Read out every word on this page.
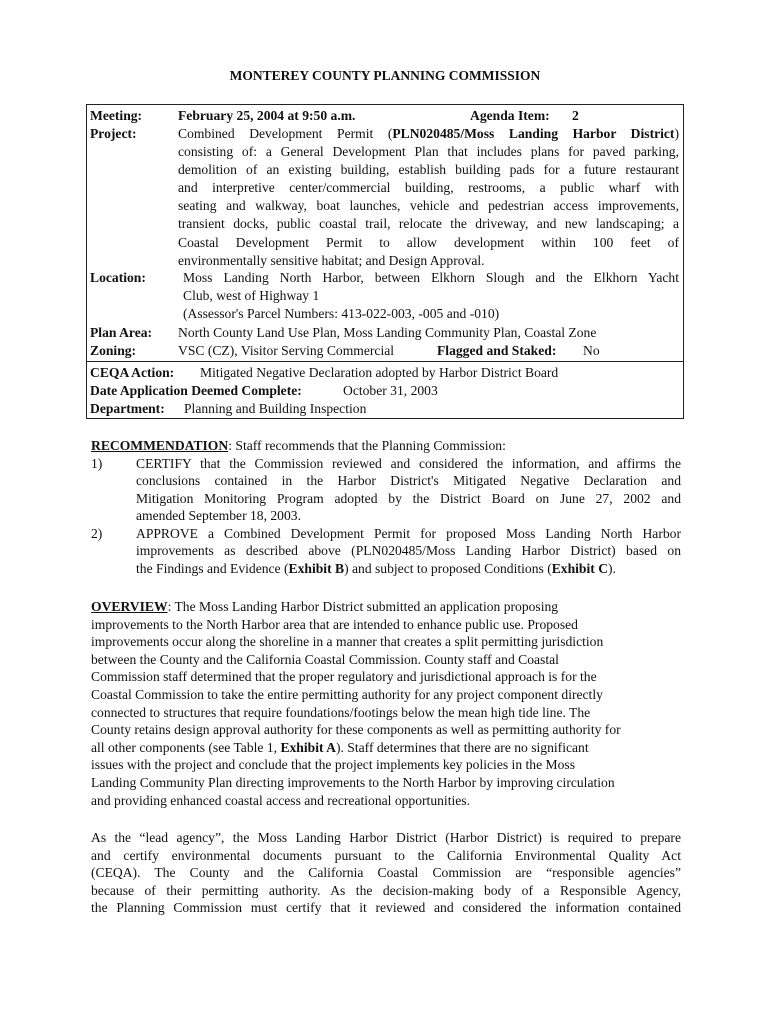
MONTEREY COUNTY PLANNING COMMISSION
Meeting:	February 25, 2004 at 9:50 a.m.	Agenda Item: 2
Project:	Combined Development Permit (PLN020485/Moss Landing Harbor District)
consisting of: a General Development Plan that includes plans for paved parking,
demolition of an existing building, establish building pads for a future restaurant
and interpretive center/commercial building, restrooms, a public wharf with
seating and walkway, boat launches, vehicle and pedestrian access improvements,
transient docks, public coastal trail, relocate the driveway, and new landscaping; a
Coastal Development Permit to allow development within 100 feet of
environmentally sensitive habitat; and Design Approval.
Location:	Moss Landing North Harbor, between Elkhorn Slough and the Elkhorn Yacht
Club, west of Highway 1
(Assessor's Parcel Numbers: 413-022-003, -005 and -010)
Plan Area: North County Land Use Plan, Moss Landing Community Plan, Coastal Zone
Zoning:	VSC (CZ), Visitor Serving Commercial	Flagged and Staked: No
CEQA Action: Mitigated Negative Declaration adopted by Harbor District Board
Date Application Deemed Complete:	October 31, 2003
Department: Planning and Building Inspection
RECOMMENDATION: Staff recommends that the Planning Commission:
1) CERTIFY that the Commission reviewed and considered the information, and affirms the
conclusions contained in the Harbor District's Mitigated Negative Declaration and
Mitigation Monitoring Program adopted by the District Board on June 27, 2002 and
amended September 18, 2003.
2) APPROVE a Combined Development Permit for proposed Moss Landing North Harbor
improvements as described above (PLN020485/Moss Landing Harbor District) based on
the Findings and Evidence (Exhibit B) and subject to proposed Conditions (Exhibit C).
OVERVIEW: The Moss Landing Harbor District submitted an application proposing
improvements to the North Harbor area that are intended to enhance public use. Proposed
improvements occur along the shoreline in a manner that creates a split permitting jurisdiction
between the County and the California Coastal Commission. County staff and Coastal
Commission staff determined that the proper regulatory and jurisdictional approach is for the
Coastal Commission to take the entire permitting authority for any project component directly
connected to structures that require foundations/footings below the mean high tide line. The
County retains design approval authority for these components as well as permitting authority for
all other components (see Table 1, Exhibit A). Staff determines that there are no significant
issues with the project and conclude that the project implements key policies in the Moss
Landing Community Plan directing improvements to the North Harbor by improving circulation
and providing enhanced coastal access and recreational opportunities.
As the “lead agency”, the Moss Landing Harbor District (Harbor District) is required to prepare
and certify environmental documents pursuant to the California Environmental Quality Act
(CEQA). The County and the California Coastal Commission are “responsible agencies”
because of their permitting authority. As the decision-making body of a Responsible Agency,
the Planning Commission must certify that it reviewed and considered the information contained
